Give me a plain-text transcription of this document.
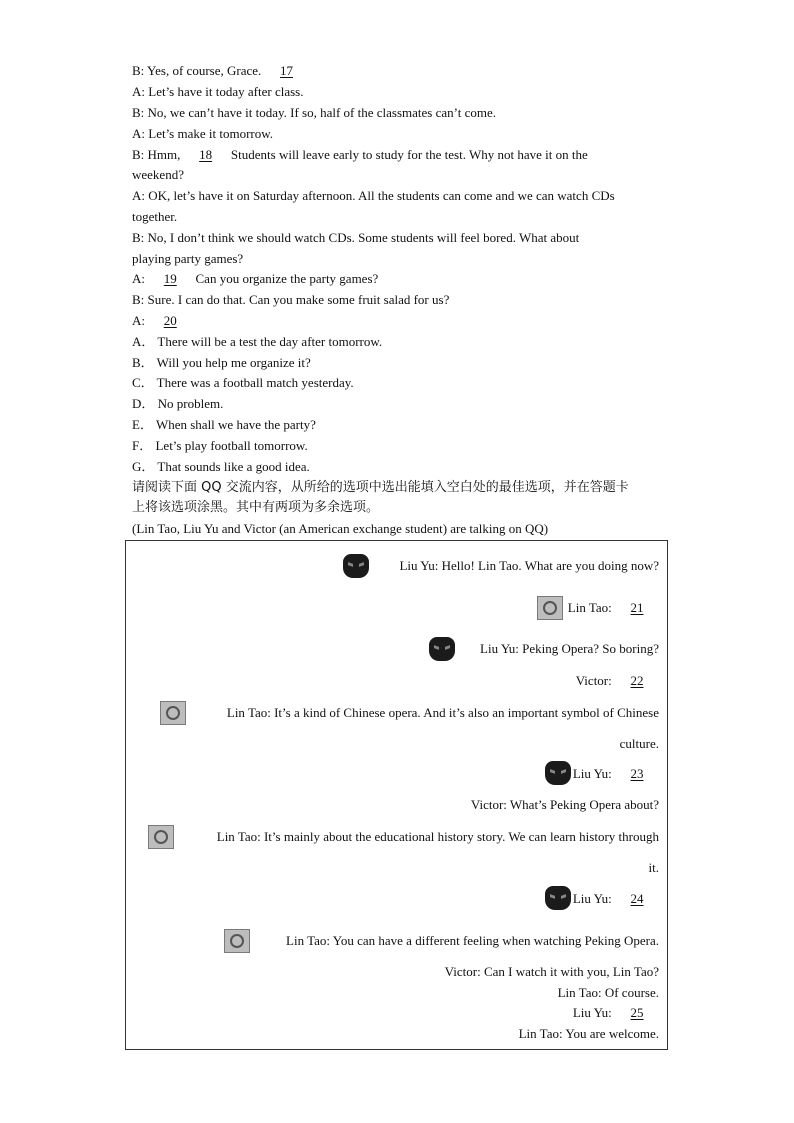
B: Yes, of course, Grace. 17
A: Let’s have it today after class.
B: No, we can’t have it today. If so, half of the classmates can’t come.
A: Let’s make it tomorrow.
B: Hmm, 18 Students will leave early to study for the test. Why not have it on the
weekend?
A: OK, let’s have it on Saturday afternoon. All the students can come and we can watch CDs
together.
B: No, I don’t think we should watch CDs. Some students will feel bored. What about
playing party games?
A: 19 Can you organize the party games?
B: Sure. I can do that. Can you make some fruit salad for us?
A: 20
A． There will be a test the day after tomorrow.
B． Will you help me organize it?
C． There was a football match yesterday.
D． No problem.
E． When shall we have the party?
F． Let’s play football tomorrow.
G． That sounds like a good idea.
请阅读下面 QQ 交流内容，从所给的选项中选出能填入空白处的最佳选项，并在答题卡
上将该选项涂黑。其中有两项为多余选项。
(Lin Tao, Liu Yu and Victor (an American exchange student) are talking on QQ)
Liu Yu: Hello! Lin Tao. What are you doing now?
Lin Tao: 21
Liu Yu: Peking Opera? So boring?
Victor: 22
Lin Tao: It’s a kind of Chinese opera. And it’s also an important symbol of Chinese
culture.
Liu Yu: 23
Victor: What’s Peking Opera about?
Lin Tao: It’s mainly about the educational history story. We can learn history through
it.
Liu Yu: 24
Lin Tao: You can have a different feeling when watching Peking Opera.
Victor: Can I watch it with you, Lin Tao?
Lin Tao: Of course.
Liu Yu: 25
Lin Tao: You are welcome.
